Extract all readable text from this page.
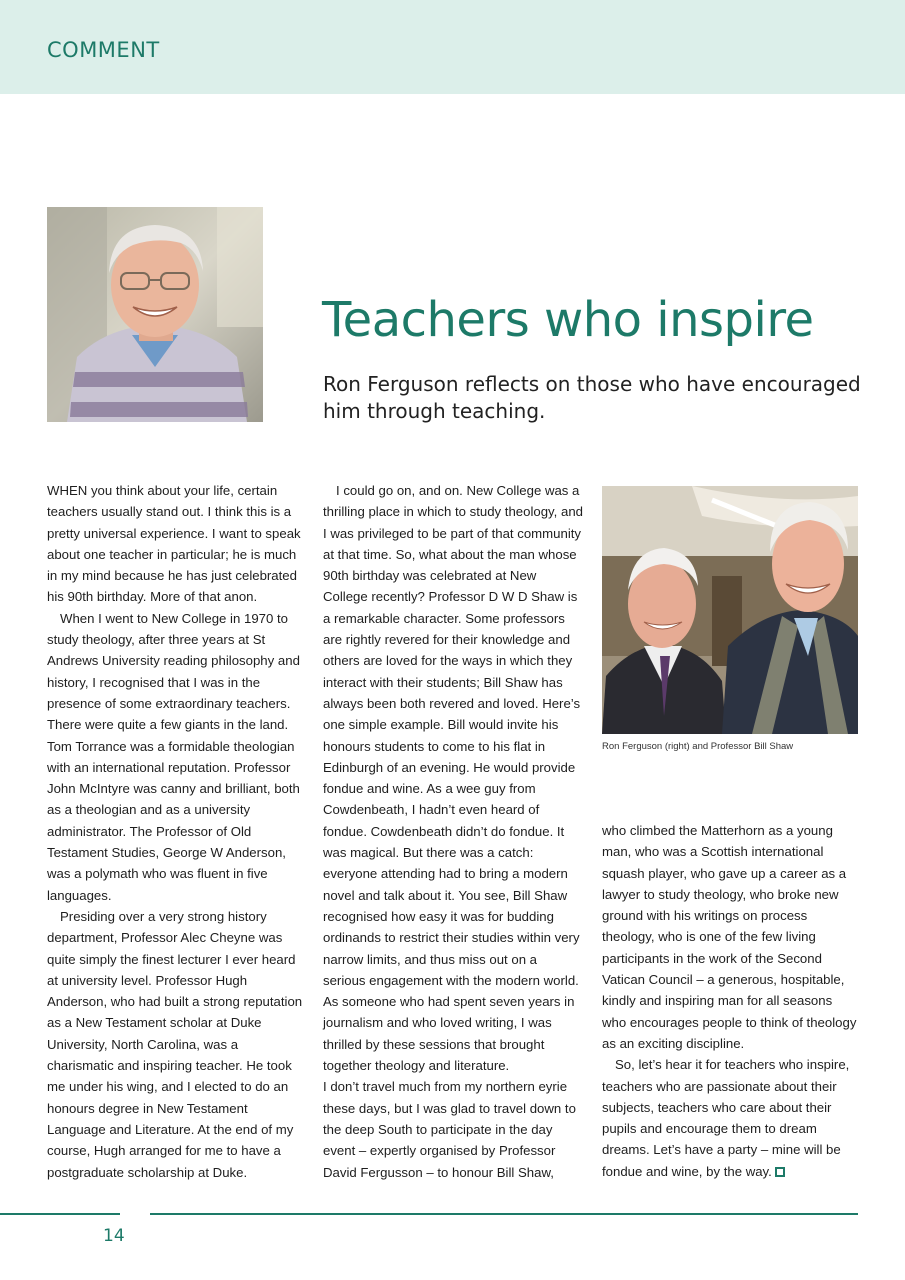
COMMENT
Teachers who inspire
Ron Ferguson reflects on those who have encouraged him through teaching.

WHEN you think about your life, certain teachers usually stand out. I think this is a pretty universal experience. I want to speak about one teacher in particular; he is much in my mind because he has just celebrated his 90th birthday. More of that anon.

When I went to New College in 1970 to study theology, after three years at St Andrews University reading philosophy and history, I recognised that I was in the presence of some extraordinary teachers. There were quite a few giants in the land. Tom Torrance was a formidable theologian with an international reputation. Professor John McIntyre was canny and brilliant, both as a theologian and as a university administrator. The Professor of Old Testament Studies, George W Anderson, was a polymath who was fluent in five languages.

Presiding over a very strong history department, Professor Alec Cheyne was quite simply the finest lecturer I ever heard at university level. Professor Hugh Anderson, who had built a strong reputation as a New Testament scholar at Duke University, North Carolina, was a charismatic and inspiring teacher. He took me under his wing, and I elected to do an honours degree in New Testament Language and Literature. At the end of my course, Hugh arranged for me to have a postgraduate scholarship at Duke.

I could go on, and on. New College was a thrilling place in which to study theology, and I was privileged to be part of that community at that time. So, what about the man whose 90th birthday was celebrated at New College recently? Professor D W D Shaw is a remarkable character. Some professors are rightly revered for their knowledge and others are loved for the ways in which they interact with their students; Bill Shaw has always been both revered and loved. Here’s one simple example. Bill would invite his honours students to come to his flat in Edinburgh of an evening. He would provide fondue and wine. As a wee guy from Cowdenbeath, I hadn’t even heard of fondue. Cowdenbeath didn’t do fondue. It was magical. But there was a catch: everyone attending had to bring a modern novel and talk about it. You see, Bill Shaw recognised how easy it was for budding ordinands to restrict their studies within very narrow limits, and thus miss out on a serious engagement with the modern world. As someone who had spent seven years in journalism and who loved writing, I was thrilled by these sessions that brought together theology and literature.

I don’t travel much from my northern eyrie these days, but I was glad to travel down to the deep South to participate in the day event – expertly organised by Professor David Fergusson – to honour Bill Shaw,

Ron Ferguson (right) and Professor Bill Shaw

who climbed the Matterhorn as a young man, who was a Scottish international squash player, who gave up a career as a lawyer to study theology, who broke new ground with his writings on process theology, who is one of the few living participants in the work of the Second Vatican Council – a generous, hospitable, kindly and inspiring man for all seasons who encourages people to think of theology as an exciting discipline.

So, let’s hear it for teachers who inspire, teachers who are passionate about their subjects, teachers who care about their pupils and encourage them to dream dreams. Let’s have a party – mine will be fondue and wine, by the way.

14
